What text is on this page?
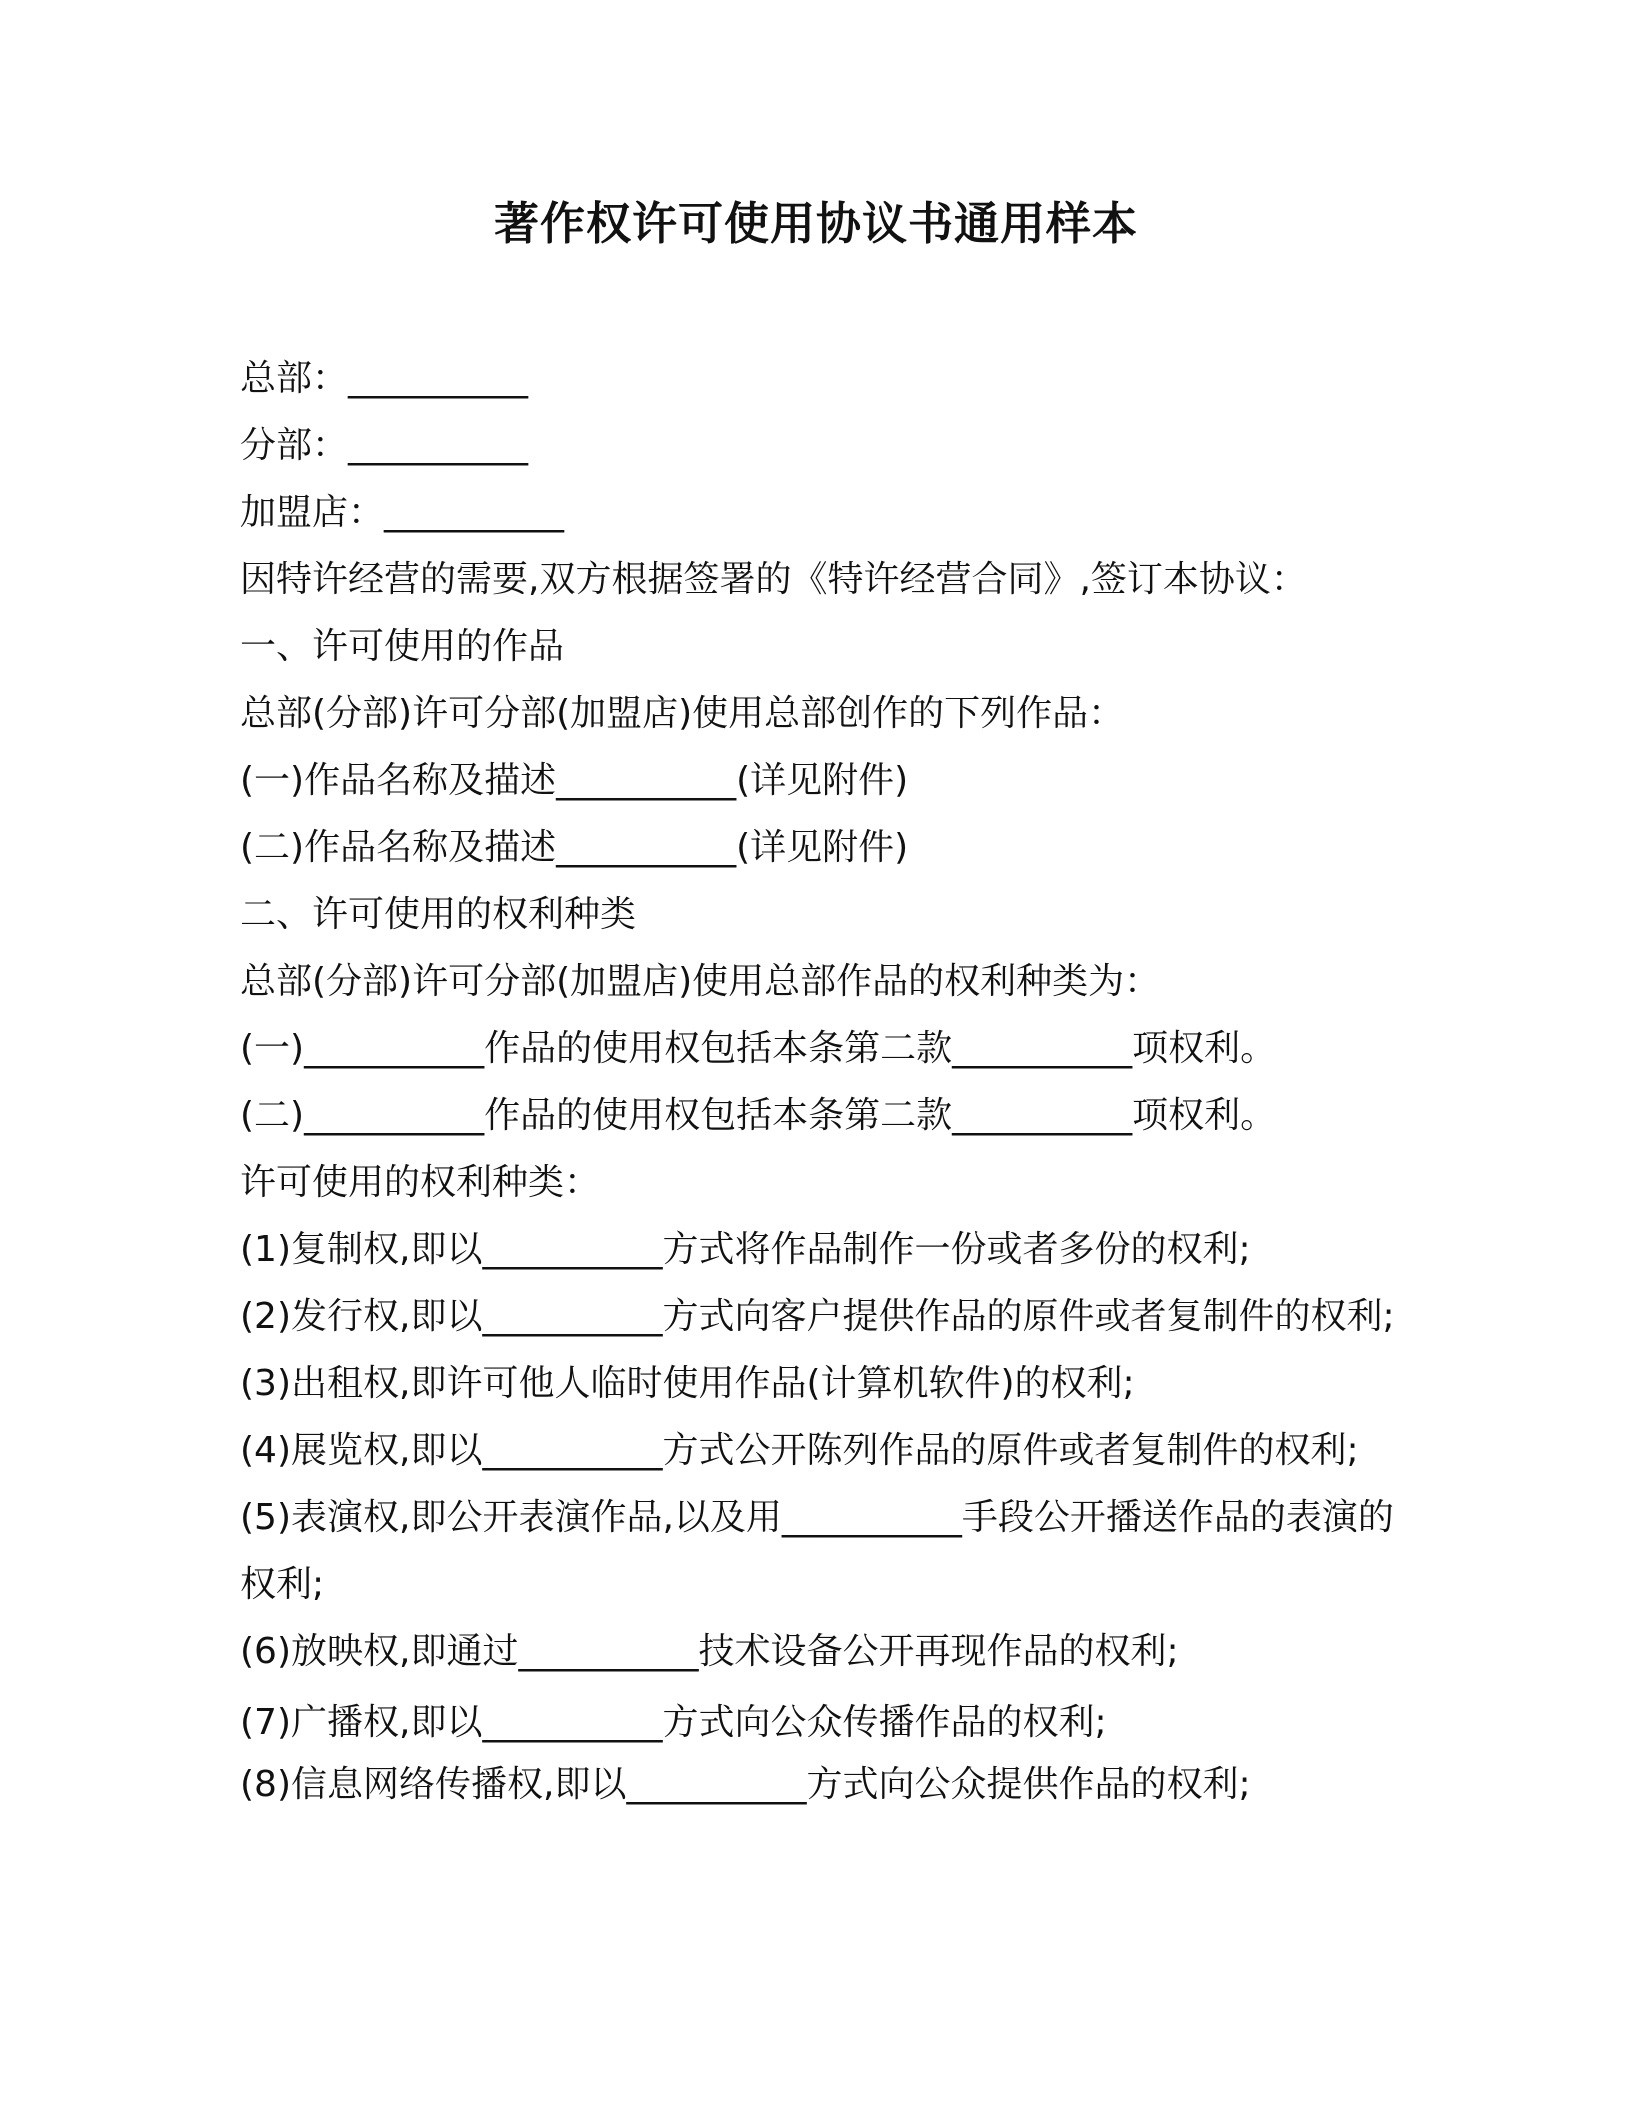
著作权许可使用协议书通用样本
总部：__________
分部：__________
加盟店：__________
因特许经营的需要,双方根据签署的《特许经营合同》,签订本协议：
一、许可使用的作品
总部(分部)许可分部(加盟店)使用总部创作的下列作品：
(一)作品名称及描述__________(详见附件)
(二)作品名称及描述__________(详见附件)
二、许可使用的权利种类
总部(分部)许可分部(加盟店)使用总部作品的权利种类为：
(一)__________作品的使用权包括本条第二款__________项权利。
(二)__________作品的使用权包括本条第二款__________项权利。
许可使用的权利种类：
(1)复制权,即以__________方式将作品制作一份或者多份的权利;
(2)发行权,即以__________方式向客户提供作品的原件或者复制件的权利;
(3)出租权,即许可他人临时使用作品(计算机软件)的权利;
(4)展览权,即以__________方式公开陈列作品的原件或者复制件的权利;
(5)表演权,即公开表演作品,以及用__________手段公开播送作品的表演的权利;
(6)放映权,即通过__________技术设备公开再现作品的权利;
(7)广播权,即以__________方式向公众传播作品的权利;
(8)信息网络传播权,即以__________方式向公众提供作品的权利;
